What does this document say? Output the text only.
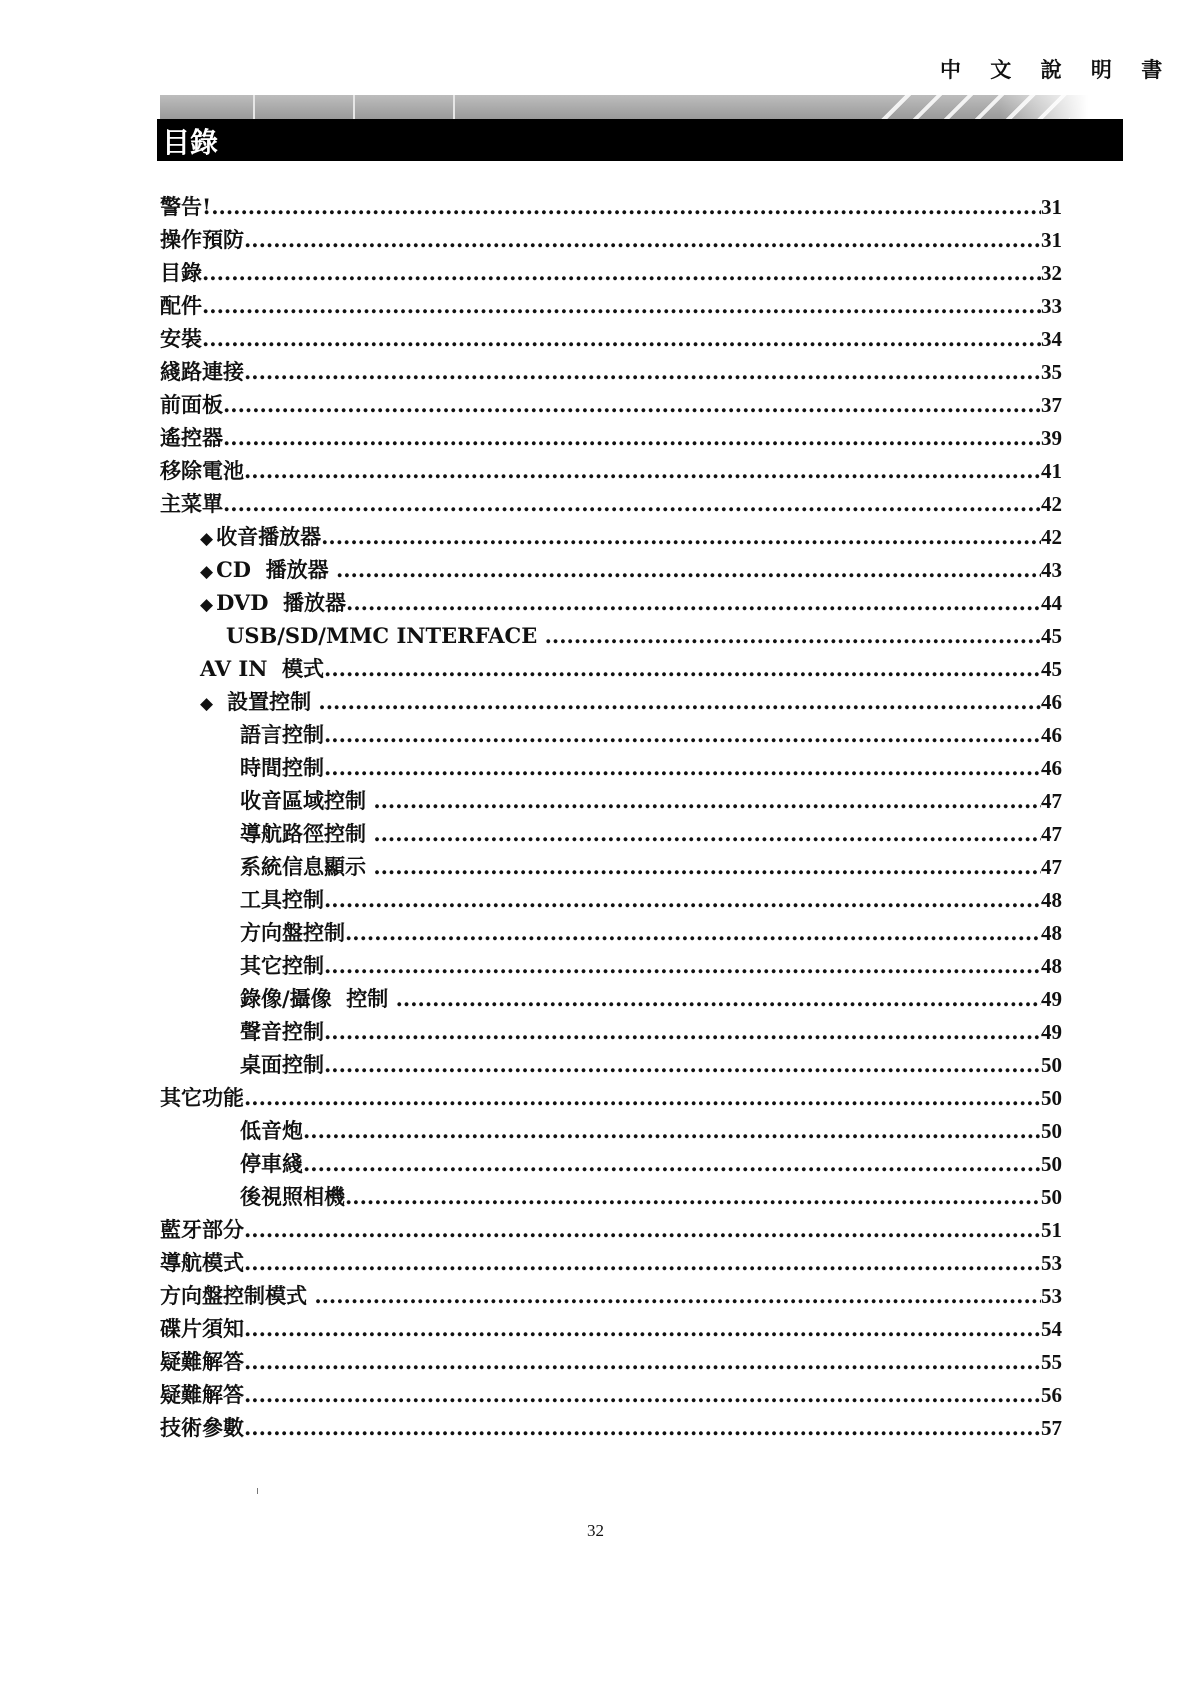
中 文 說 明 書
目錄
警告! .....	31
操作預防 .....	31
目錄 .....	32
配件 .....	33
安裝 .....	34
綫路連接 .....	35
前面板 .....	37
遙控器 .....	39
移除電池 .....	41
主菜單 .....	42
◆ 收音播放器 .....	42
◆ CD  播放器 .....	43
◆ DVD  播放器 .....	44
USB/SD/MMC INTERFACE .....	45
AV IN  模式 .....	45
◆ 設置控制 .....	46
語言控制 .....	46
時間控制 .....	46
收音區域控制 .....	47
導航路徑控制 .....	47
系統信息顯示 .....	47
工具控制 .....	48
方向盤控制 .....	48
其它控制 .....	48
錄像/攝像  控制 .....	49
聲音控制 .....	49
桌面控制 .....	50
其它功能 .....	50
低音炮 .....	50
停車綫 .....	50
後視照相機 .....	50
藍牙部分 .....	51
導航模式 .....	53
方向盤控制模式 .....	53
碟片須知 .....	54
疑難解答 .....	55
疑難解答 .....	56
技術參數 .....	57
32
